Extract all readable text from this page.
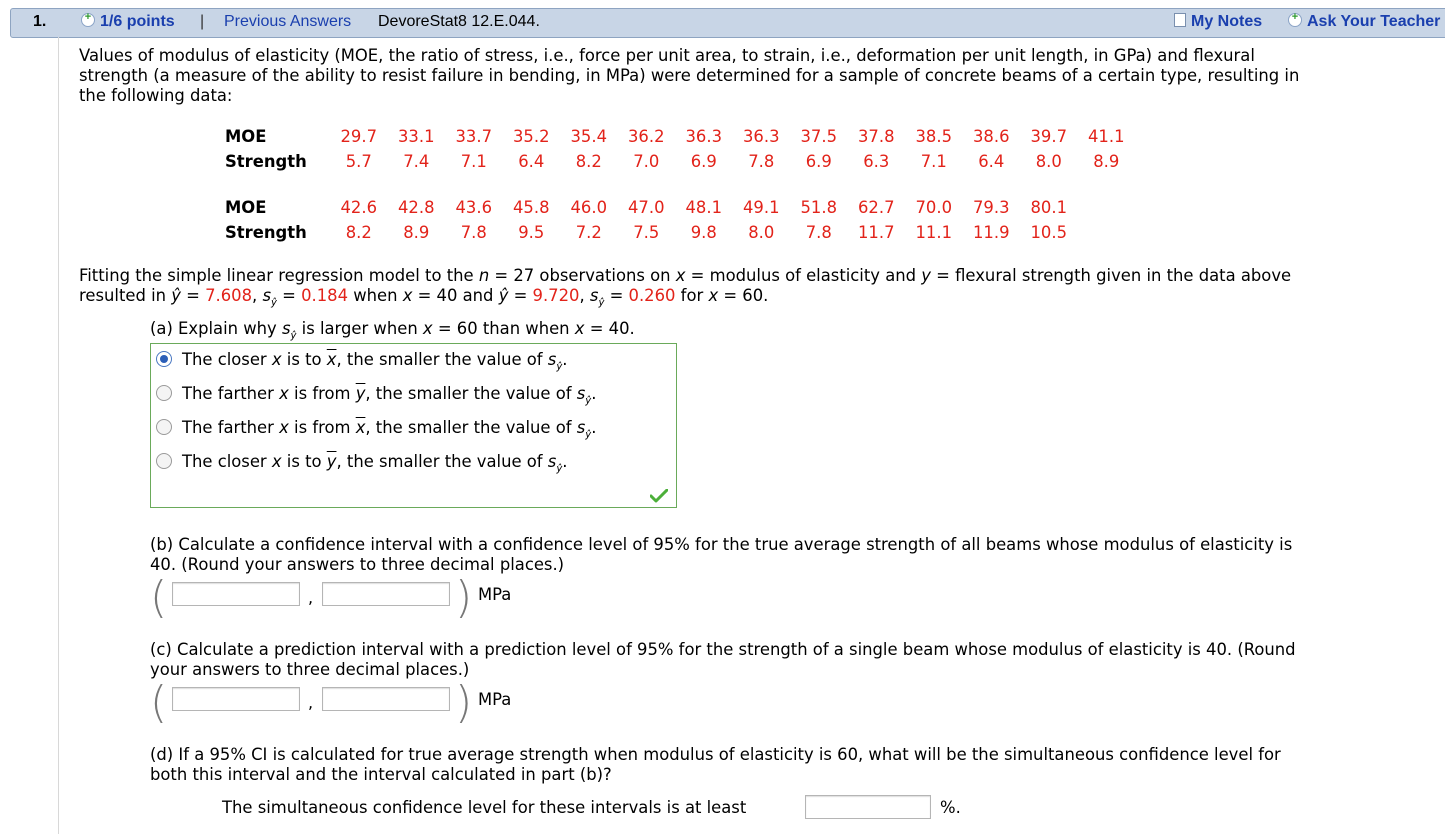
1. +	1/6 points | Previous Answers DevoreStat8 12.E.044.	My Notes +	Ask Your Teacher
Values of modulus of elasticity (MOE, the ratio of stress, i.e., force per unit area, to strain, i.e., deformation per unit length, in GPa) and flexural
strength (a measure of the ability to resist failure in bending, in MPa) were determined for a sample of concrete beams of a certain type, resulting in
the following data:
MOE	29.7	33.1	33.7	35.2	35.4	36.2	36.3	36.3	37.5	37.8	38.5	38.6	39.7	41.1
Strength	5.7	7.4	7.1	6.4	8.2	7.0	6.9	7.8	6.9	6.3	7.1	6.4	8.0	8.9
MOE	42.6	42.8	43.6	45.8	46.0	47.0	48.1	49.1	51.8	62.7	70.0	79.3	80.1
Strength	8.2	8.9	7.8	9.5	7.2	7.5	9.8	8.0	7.8	11.7	11.1	11.9	10.5
Fitting the simple linear regression model to the n = 27 observations on x = modulus of elasticity and y = flexural strength given in the data above
resulted in ŷ = 7.608, $s_ŷ = 0.184$ when x = 40 and ŷ = 9.720, $s_ŷ = 0.260$ for x = 60.
(a) Explain why $s_ŷ$ is larger when x = 60 than when x = 40.
The closer x is to $\overline{x}$, the smaller the value of $s_ŷ$.
The farther x is from $\overline{y}$, the smaller the value of $s_ŷ$.
The farther x is from $\overline{x}$, the smaller the value of $s_ŷ$.
The closer x is to $\overline{y}$, the smaller the value of $s_ŷ$.
(b) Calculate a confidence interval with a confidence level of 95% for the true average strength of all beams whose modulus of elasticity is
40. (Round your answers to three decimal places.)
(	,	) MPa
(c) Calculate a prediction interval with a prediction level of 95% for the strength of a single beam whose modulus of elasticity is 40. (Round
your answers to three decimal places.)
(	,	) MPa
(d) If a 95% CI is calculated for true average strength when modulus of elasticity is 60, what will be the simultaneous confidence level for
both this interval and the interval calculated in part (b)?
The simultaneous confidence level for these intervals is at least	%.
